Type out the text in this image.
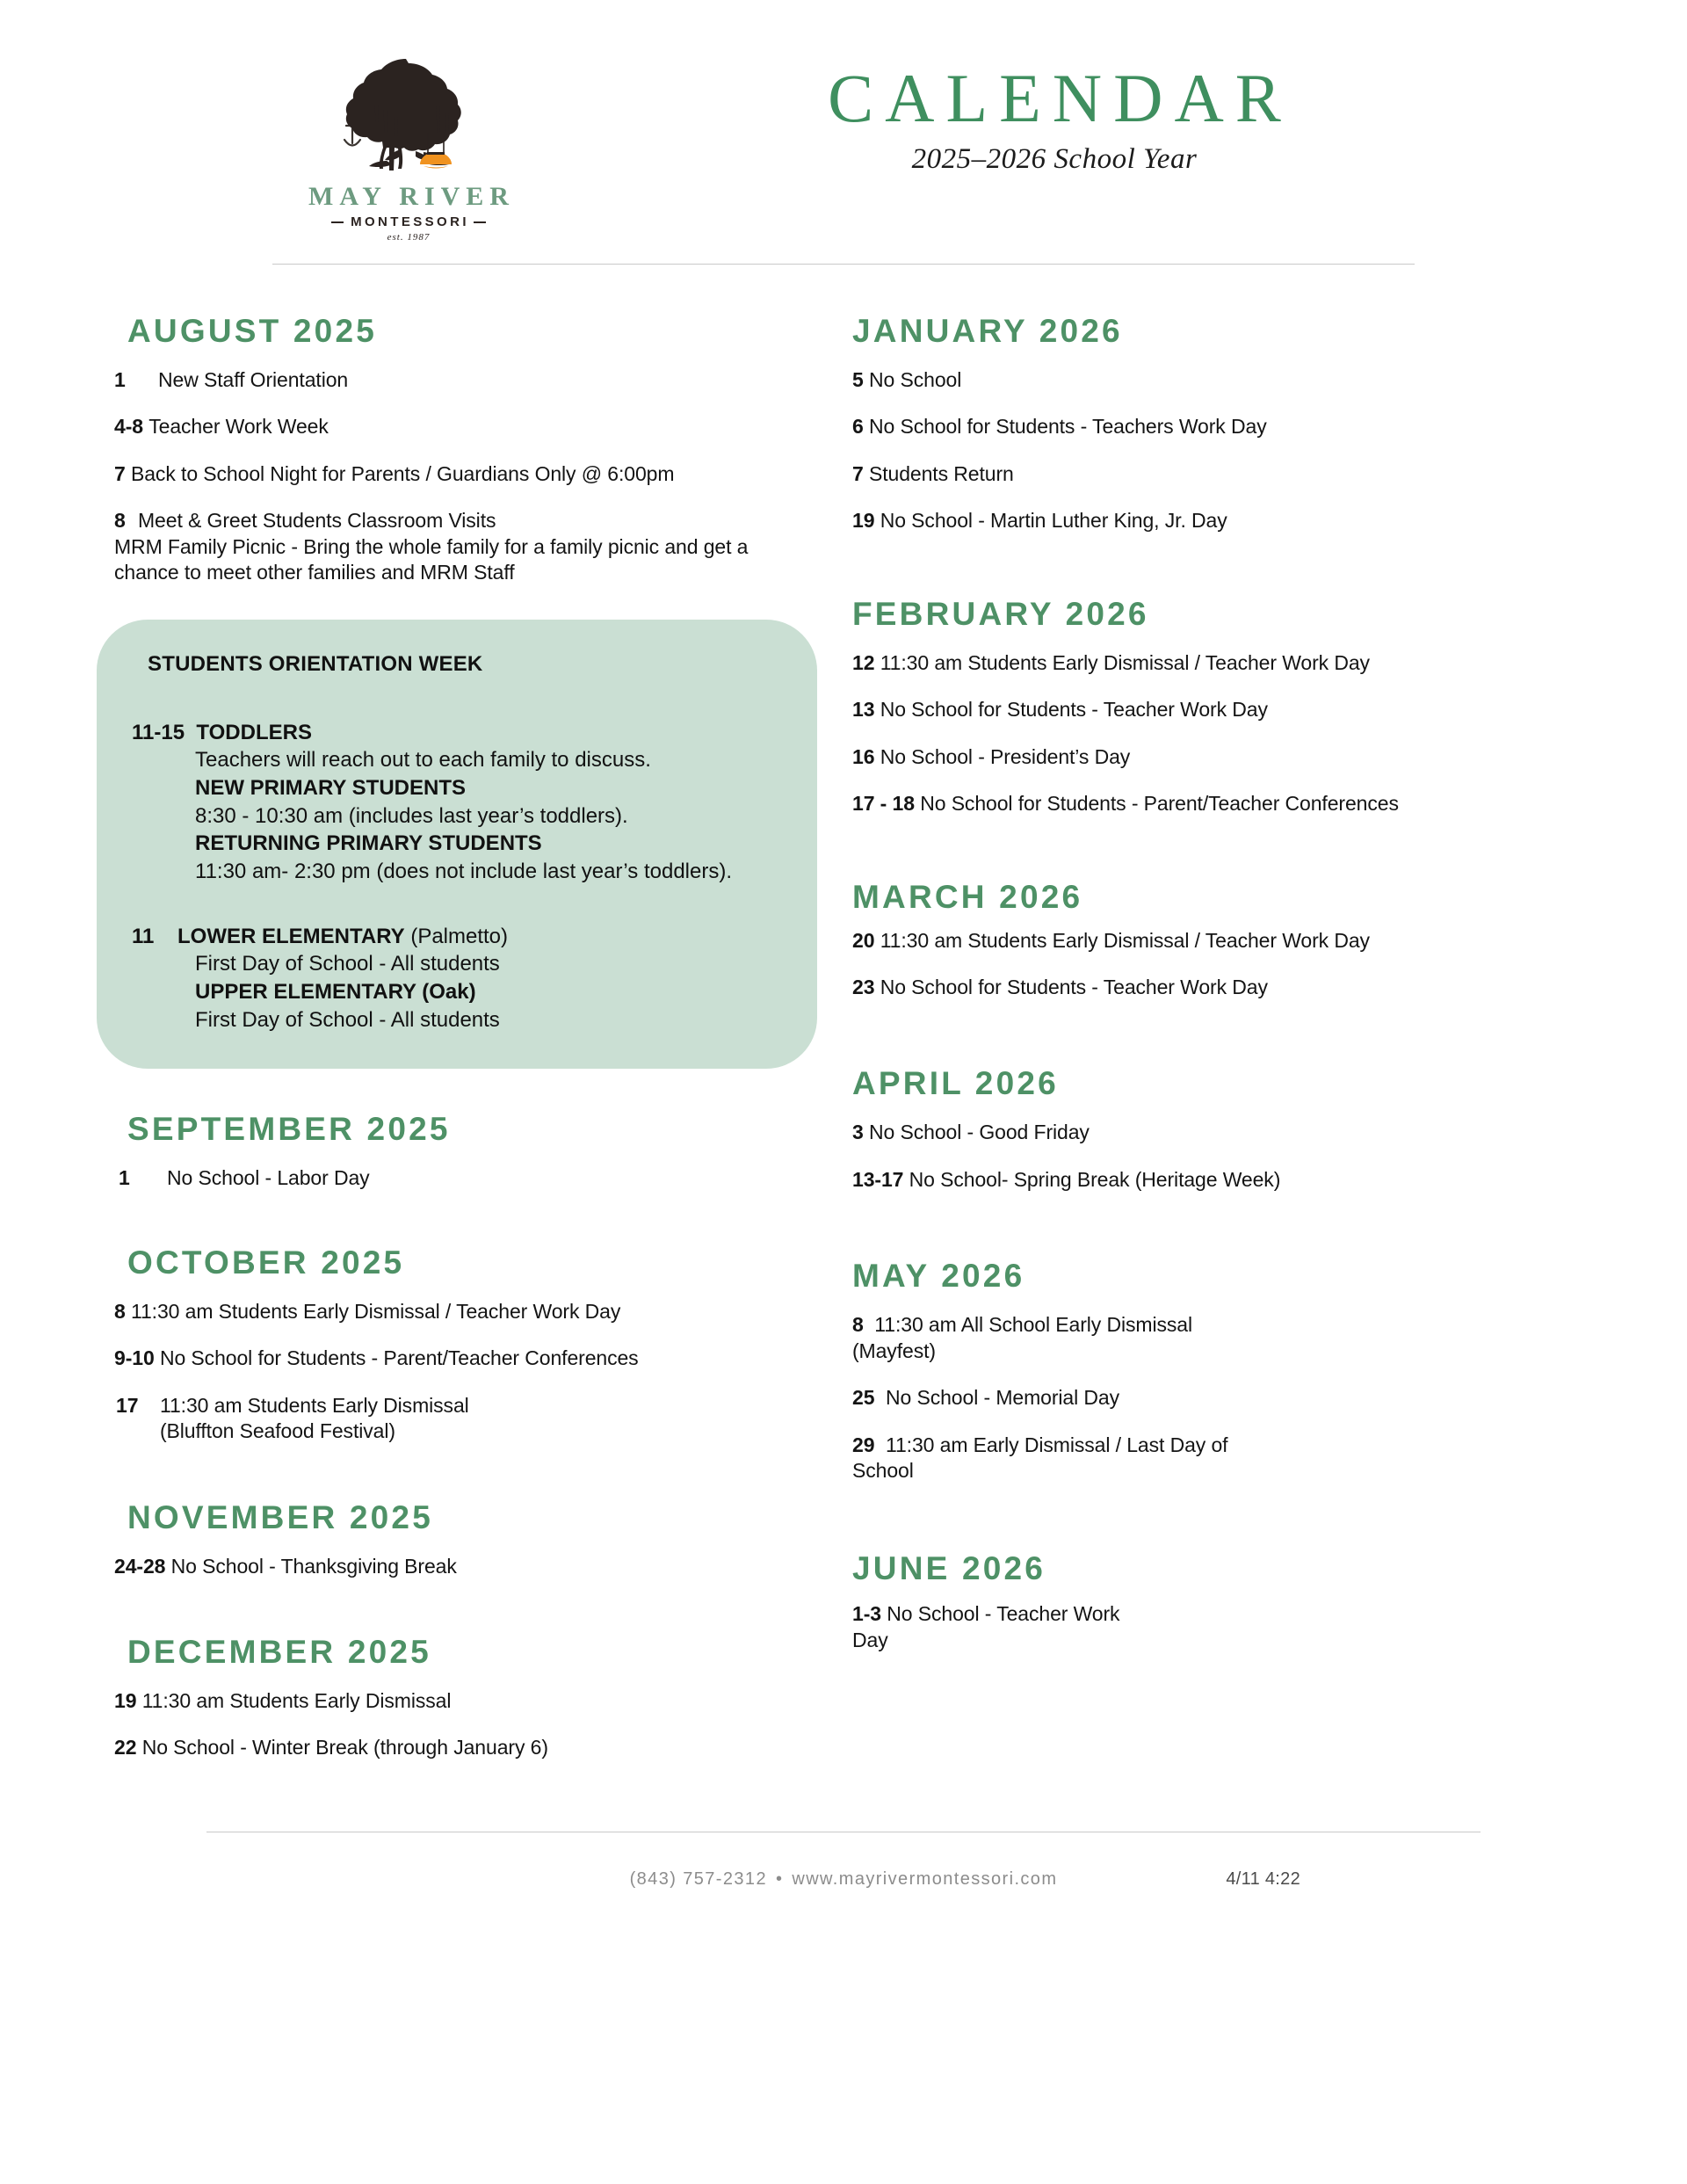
MAY RIVER
MONTESSORI
est. 1987
CALENDAR
2025–2026 School Year
AUGUST 2025
1 New Staff Orientation
4-8 Teacher Work Week
7 Back to School Night for Parents / Guardians Only @ 6:00pm
8 Meet & Greet Students Classroom Visits
MRM Family Picnic - Bring the whole family for a family picnic and get a chance to meet other families and MRM Staff
STUDENTS ORIENTATION WEEK
11-15 TODDLERS
Teachers will reach out to each family to discuss.
NEW PRIMARY STUDENTS
8:30 - 10:30 am (includes last year’s toddlers).
RETURNING PRIMARY STUDENTS
11:30 am- 2:30 pm (does not include last year’s toddlers).
11 LOWER ELEMENTARY (Palmetto)
First Day of School - All students
UPPER ELEMENTARY (Oak)
First Day of School - All students
SEPTEMBER 2025
1 No School - Labor Day
OCTOBER 2025
8 11:30 am Students Early Dismissal / Teacher Work Day
9-10 No School for Students - Parent/Teacher Conferences
17 11:30 am Students Early Dismissal
(Bluffton Seafood Festival)
NOVEMBER 2025
24-28 No School - Thanksgiving Break
DECEMBER 2025
19 11:30 am Students Early Dismissal
22 No School - Winter Break (through January 6)
JANUARY 2026
5 No School
6 No School for Students - Teachers Work Day
7 Students Return
19 No School - Martin Luther King, Jr. Day
FEBRUARY 2026
12 11:30 am Students Early Dismissal / Teacher Work Day
13 No School for Students - Teacher Work Day
16 No School - President’s Day
17 - 18 No School for Students - Parent/Teacher Conferences
MARCH 2026
20 11:30 am Students Early Dismissal / Teacher Work Day
23 No School for Students - Teacher Work Day
APRIL 2026
3 No School - Good Friday
13-17 No School- Spring Break (Heritage Week)
MAY 2026
8 11:30 am All School Early Dismissal (Mayfest)
25 No School - Memorial Day
29 11:30 am Early Dismissal / Last Day of School
JUNE 2026
1-3 No School - Teacher Work Day
(843) 757-2312 • www.mayrivermontessori.com	4/11 4:22
